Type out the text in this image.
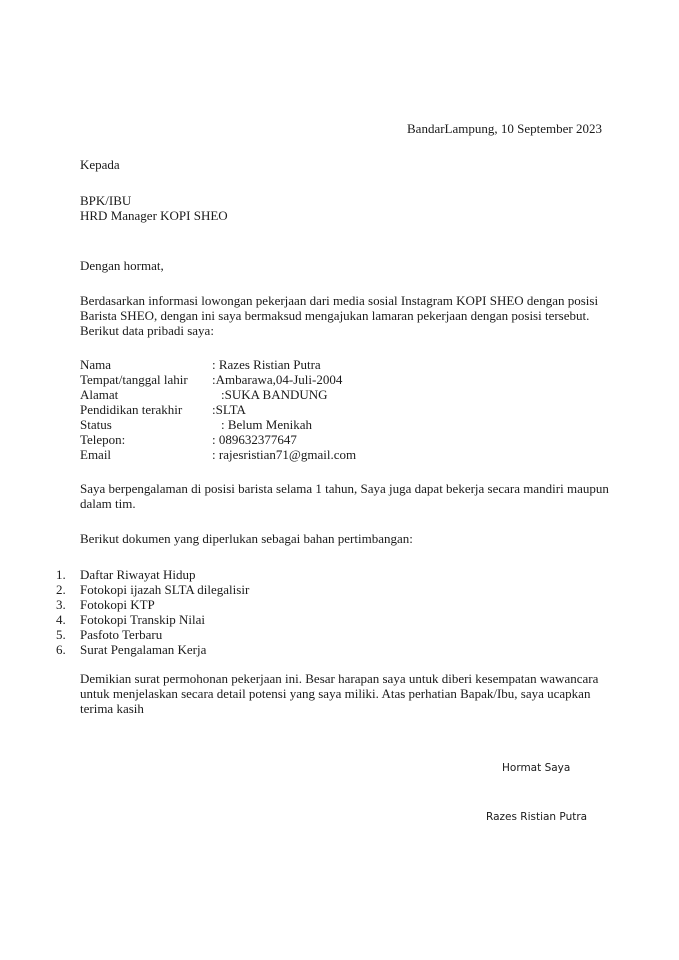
BandarLampung, 10 September 2023
Kepada
BPK/IBU
HRD Manager KOPI SHEO
Dengan hormat,
Berdasarkan informasi lowongan pekerjaan dari media sosial Instagram KOPI SHEO dengan posisi
Barista SHEO, dengan ini saya bermaksud mengajukan lamaran pekerjaan dengan posisi tersebut.
Berikut data pribadi saya:
Nama	: Razes Ristian Putra
Tempat/tanggal lahir :Ambarawa,04-Juli-2004
Alamat	:SUKA BANDUNG
Pendidikan terakhir :SLTA
Status	: Belum Menikah
Telepon:	: 089632377647
Email	: rajesristian71@gmail.com
Saya berpengalaman di posisi barista selama 1 tahun, Saya juga dapat bekerja secara mandiri maupun
dalam tim.
Berikut dokumen yang diperlukan sebagai bahan pertimbangan:
1.	Daftar Riwayat Hidup
2.	Fotokopi ijazah SLTA dilegalisir
3.	Fotokopi KTP
4.	Fotokopi Transkip Nilai
5.	Pasfoto Terbaru
6.	Surat Pengalaman Kerja
Demikian surat permohonan pekerjaan ini. Besar harapan saya untuk diberi kesempatan wawancara
untuk menjelaskan secara detail potensi yang saya miliki. Atas perhatian Bapak/Ibu, saya ucapkan
terima kasih
Hormat Saya
Razes Ristian Putra
